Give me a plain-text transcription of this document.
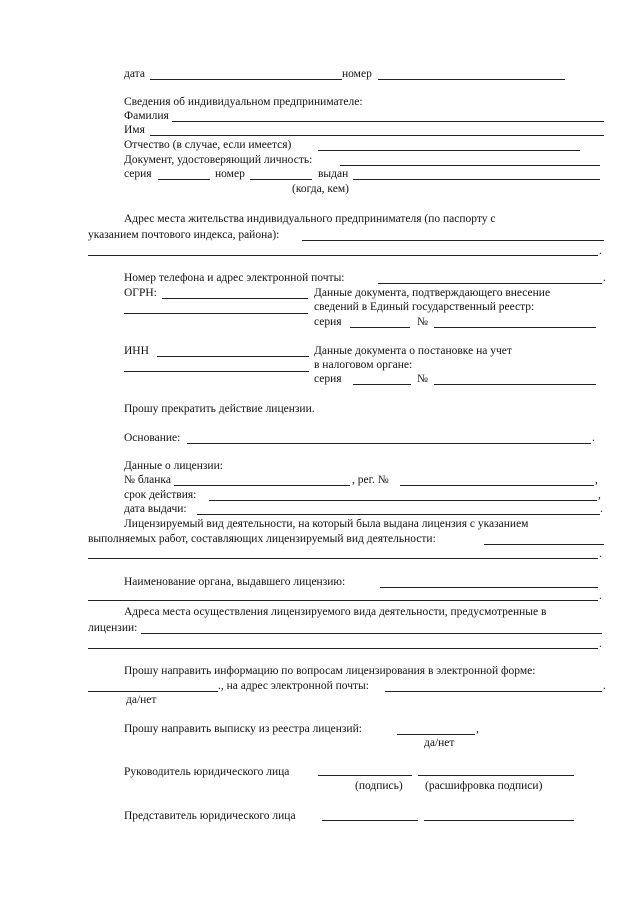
дата	номер
Сведения об индивидуальном предпринимателе:
Фамилия
Имя
Отчество (в случае, если имеется)
Документ, удостоверяющий личность:
серия	номер	выдан
(когда, кем)
Адрес места жительства индивидуального предпринимателя (по паспорту с
указанием почтового индекса, района):
.
Номер телефона и адрес электронной почты:	.
ОГРН:	Данные документа, подтверждающего внесение
сведений в Единый государственный реестр:
серия	№
ИНН	Данные документа о постановке на учет
в налоговом органе:
серия	№
Прошу прекратить действие лицензии.
Основание:	.
Данные о лицензии:
№ бланка	, рег. №	,
срок действия:	,
дата выдачи:	.
Лицензируемый вид деятельности, на который была выдана лицензия с указанием
выполняемых работ, составляющих лицензируемый вид деятельности:
.
Наименование органа, выдавшего лицензию:
.
Адреса места осуществления лицензируемого вида деятельности, предусмотренные в
лицензии:
.
Прошу направить информацию по вопросам лицензирования в электронной форме:
., на адрес электронной почты:	.
да/нет
Прошу направить выписку из реестра лицензий:	,
да/нет
Руководитель юридического лица
(подпись) (расшифровка подписи)
Представитель юридического лица
